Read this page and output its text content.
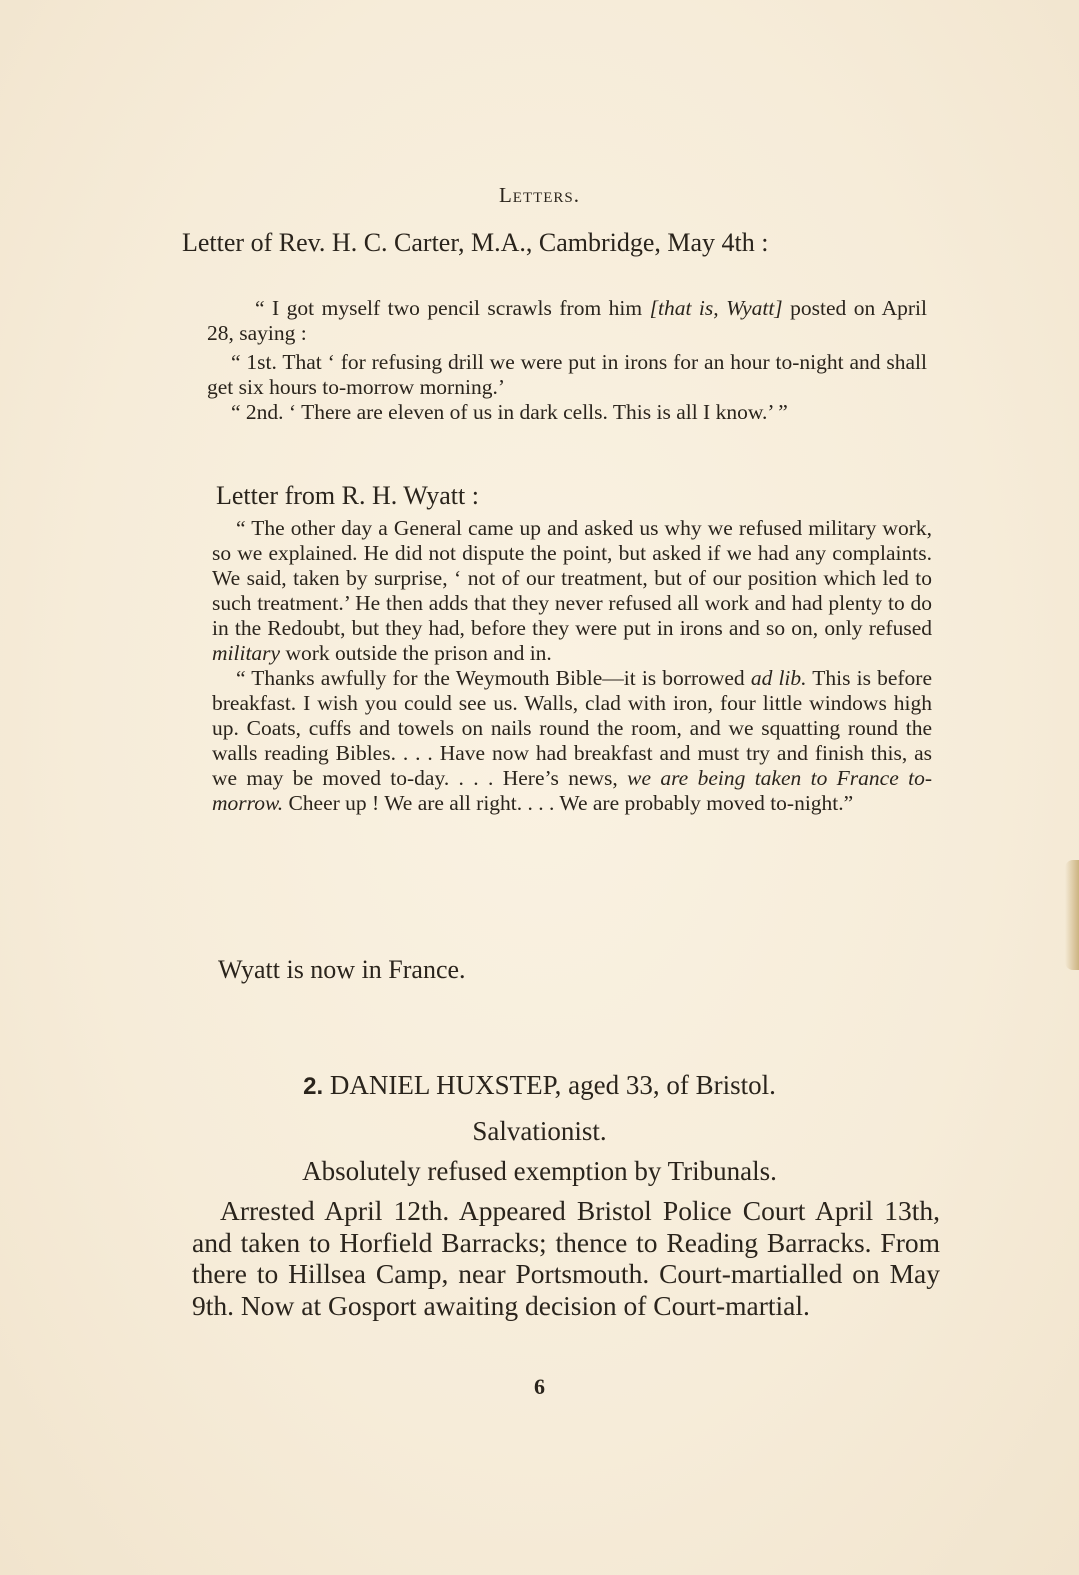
Letters.
Letter of Rev. H. C. Carter, M.A., Cambridge, May 4th :

“ I got myself two pencil scrawls from him [that is, Wyatt] posted on April 28, saying :

“ 1st. That ‘ for refusing drill we were put in irons for an hour to-night and shall get six hours to-morrow morning.’

“ 2nd. ‘ There are eleven of us in dark cells. This is all I know.’ ”

Letter from R. H. Wyatt :

“ The other day a General came up and asked us why we refused military work, so we explained. He did not dispute the point, but asked if we had any complaints. We said, taken by surprise, ‘ not of our treatment, but of our position which led to such treatment.’ He then adds that they never refused all work and had plenty to do in the Redoubt, but they had, before they were put in irons and so on, only refused military work outside the prison and in.

“ Thanks awfully for the Weymouth Bible—it is borrowed ad lib. This is before breakfast. I wish you could see us. Walls, clad with iron, four little windows high up. Coats, cuffs and towels on nails round the room, and we squatting round the walls reading Bibles. . . . Have now had breakfast and must try and finish this, as we may be moved to-day. . . . Here’s news, we are being taken to France to-morrow. Cheer up ! We are all right. . . . We are probably moved to-night.”

Wyatt is now in France.
2. DANIEL HUXSTEP, aged 33, of Bristol.
Salvationist.
Absolutely refused exemption by Tribunals.

Arrested April 12th. Appeared Bristol Police Court April 13th, and taken to Horfield Barracks; thence to Reading Barracks. From there to Hillsea Camp, near Portsmouth. Court-martialled on May 9th. Now at Gosport awaiting decision of Court-martial.

6
